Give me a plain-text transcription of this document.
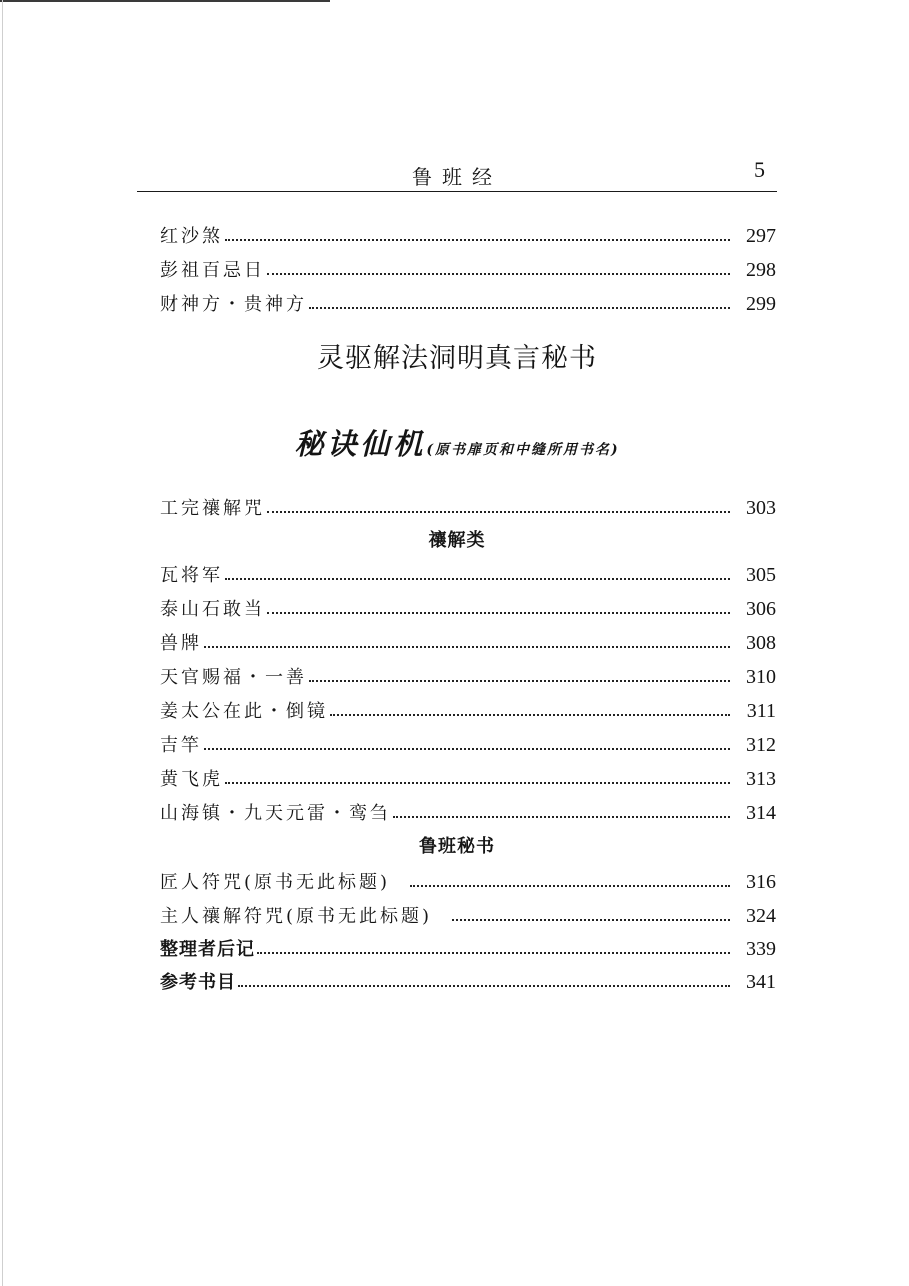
鲁班经	5
红沙煞	297
彭祖百忌日	298
财神方・贵神方	299
灵驱解法洞明真言秘书
秘诀仙机(原书扉页和中缝所用书名)
工完禳解咒	303
禳解类
瓦将军	305
泰山石敢当	306
兽牌	308
天官赐福・一善	310
姜太公在此・倒镜	311
吉竿	312
黄飞虎	313
山海镇・九天元雷・鸾刍	314
鲁班秘书
匠人符咒(原书无此标题)	316
主人禳解符咒(原书无此标题)	324
整理者后记	339
参考书目	341
